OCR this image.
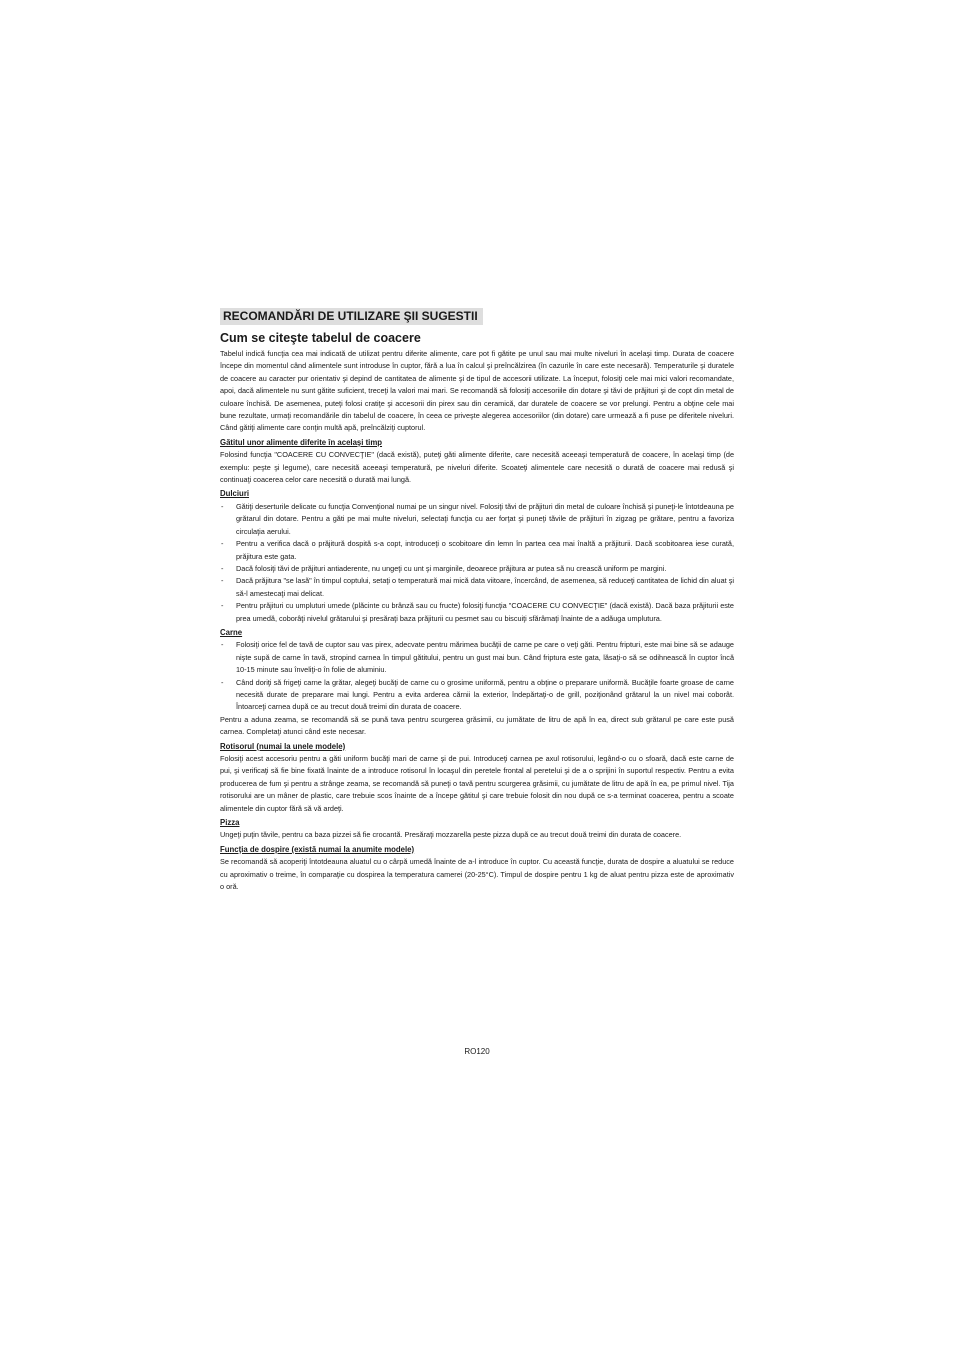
RECOMANDĂRI DE UTILIZARE ŞII SUGESTII
Cum se citeşte tabelul de coacere

Tabelul indică funcţia cea mai indicată de utilizat pentru diferite alimente, care pot fi gătite pe unul sau mai multe niveluri în acelaşi timp. Durata de coacere începe din momentul când alimentele sunt introduse în cuptor, fără a lua în calcul şi preîncălzirea (în cazurile în care este necesară). Temperaturile şi duratele de coacere au caracter pur orientativ şi depind de cantitatea de alimente şi de tipul de accesorii utilizate. La început, folosiţi cele mai mici valori recomandate, apoi, dacă alimentele nu sunt gătite suficient, treceţi la valori mai mari. Se recomandă să folosiţi accesoriile din dotare şi tăvi de prăjituri şi de copt din metal de culoare închisă. De asemenea, puteţi folosi cratiţe şi accesorii din pirex sau din ceramică, dar duratele de coacere se vor prelungi. Pentru a obţine cele mai bune rezultate, urmaţi recomandările din tabelul de coacere, în ceea ce priveşte alegerea accesoriilor (din dotare) care urmează a fi puse pe diferitele niveluri. Când gătiţi alimente care conţin multă apă, preîncălziţi cuptorul.

Gătitul unor alimente diferite în acelaşi timp

Folosind funcţia "COACERE CU CONVECŢIE" (dacă există), puteţi găti alimente diferite, care necesită aceeaşi temperatură de coacere, în acelaşi timp (de exemplu: peşte şi legume), care necesită aceeaşi temperatură, pe niveluri diferite. Scoateţi alimentele care necesită o durată de coacere mai redusă şi continuaţi coacerea celor care necesită o durată mai lungă.

Dulciuri
- Gătiţi deserturile delicate cu funcţia Convenţional numai pe un singur nivel. Folosiţi tăvi de prăjituri din metal de culoare închisă şi puneţi-le întotdeauna pe grătarul din dotare. Pentru a găti pe mai multe niveluri, selectaţi funcţia cu aer forţat şi puneţi tăvile de prăjituri în zigzag pe grătare, pentru a favoriza circulaţia aerului.
- Pentru a verifica dacă o prăjitură dospită s-a copt, introduceţi o scobitoare din lemn în partea cea mai înaltă a prăjiturii. Dacă scobitoarea iese curată, prăjitura este gata.
- Dacă folosiţi tăvi de prăjituri antiaderente, nu ungeţi cu unt şi marginile, deoarece prăjitura ar putea să nu crească uniform pe margini.
- Dacă prăjitura "se lasă" în timpul coptului, setaţi o temperatură mai mică data viitoare, încercând, de asemenea, să reduceţi cantitatea de lichid din aluat şi să-l amestecaţi mai delicat.
- Pentru prăjituri cu umpluturi umede (plăcinte cu brânză sau cu fructe) folosiţi funcţia "COACERE CU CONVECŢIE" (dacă există). Dacă baza prăjiturii este prea umedă, coborâţi nivelul grătarului şi presăraţi baza prăjiturii cu pesmet sau cu biscuiţi sfărâmaţi înainte de a adăuga umplutura.
Carne
- Folosiţi orice fel de tavă de cuptor sau vas pirex, adecvate pentru mărimea bucăţii de carne pe care o veţi găti. Pentru fripturi, este mai bine să se adauge nişte supă de carne în tavă, stropind carnea în timpul gătitului, pentru un gust mai bun. Când friptura este gata, lăsaţi-o să se odihnească în cuptor încă 10-15 minute sau înveliţi-o în folie de aluminiu.
- Când doriţi să frigeţi carne la grătar, alegeţi bucăţi de carne cu o grosime uniformă, pentru a obţine o preparare uniformă. Bucăţile foarte groase de carne necesită durate de preparare mai lungi. Pentru a evita arderea cărnii la exterior, îndepărtaţi-o de grill, poziţionând grătarul la un nivel mai coborât. Întoarceţi carnea după ce au trecut două treimi din durata de coacere.

Pentru a aduna zeama, se recomandă să se pună tava pentru scurgerea grăsimii, cu jumătate de litru de apă în ea, direct sub grătarul pe care este pusă carnea. Completaţi atunci când este necesar.

Rotisorul (numai la unele modele)

Folosiţi acest accesoriu pentru a găti uniform bucăţi mari de carne şi de pui. Introduceţi carnea pe axul rotisorului, legând-o cu o sfoară, dacă este carne de pui, şi verificaţi să fie bine fixată înainte de a introduce rotisorul în locaşul din peretele frontal al peretelui şi de a o sprijini în suportul respectiv. Pentru a evita producerea de fum şi pentru a strânge zeama, se recomandă să puneţi o tavă pentru scurgerea grăsimii, cu jumătate de litru de apă în ea, pe primul nivel. Tija rotisorului are un mâner de plastic, care trebuie scos înainte de a începe gătitul şi care trebuie folosit din nou după ce s-a terminat coacerea, pentru a scoate alimentele din cuptor fără să vă ardeţi.

Pizza

Ungeţi puţin tăvile, pentru ca baza pizzei să fie crocantă. Presăraţi mozzarella peste pizza după ce au trecut două treimi din durata de coacere.

Funcţia de dospire (există numai la anumite modele)

Se recomandă să acoperiţi întotdeauna aluatul cu o cârpă umedă înainte de a-l introduce în cuptor. Cu această funcţie, durata de dospire a aluatului se reduce cu aproximativ o treime, în comparaţie cu dospirea la temperatura camerei (20-25°C). Timpul de dospire pentru 1 kg de aluat pentru pizza este de aproximativ o oră.

RO120
